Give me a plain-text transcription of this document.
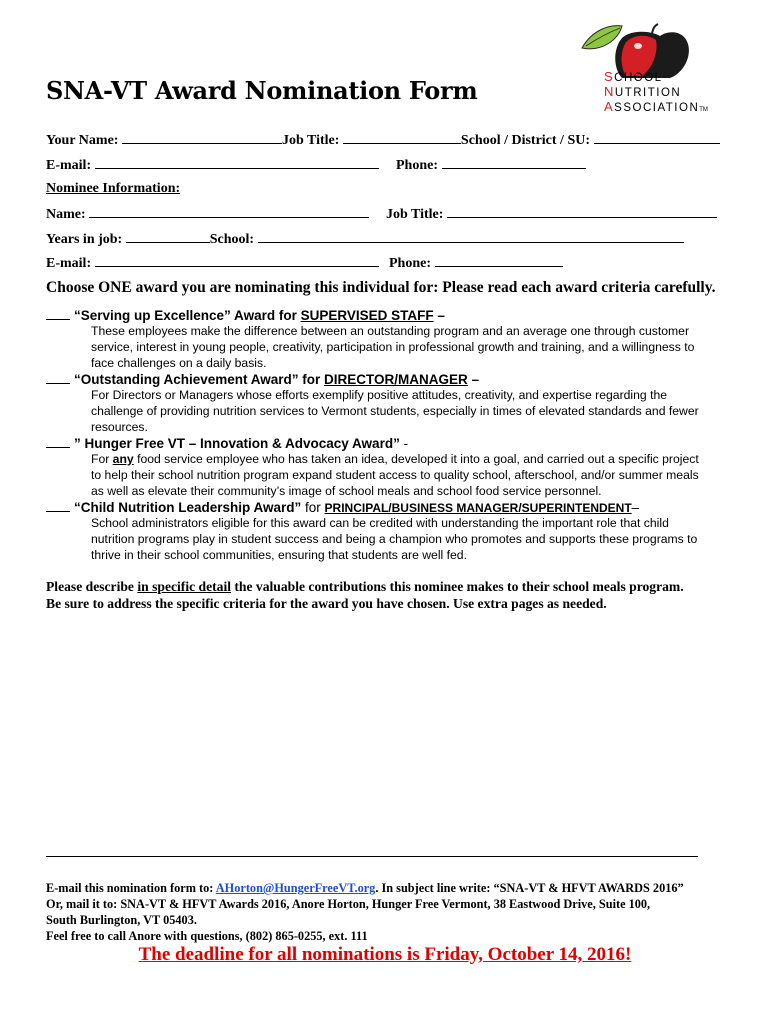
SCHOOL
NUTRITION
ASSOCIATIONTM
SNA-VT Award Nomination Form
Your Name:	Job Title:	School / District / SU:
E-mail:	Phone:
Nominee Information:
Name:	Job Title:
Years in job:	School:
E-mail:	Phone:
Choose ONE award you are nominating this individual for: Please read each award criteria carefully.
“Serving up Excellence” Award for SUPERVISED STAFF –
These employees make the difference between an outstanding program and an average one through customer
service, interest in young people, creativity, participation in professional growth and training, and a willingness to
face challenges on a daily basis.
“Outstanding Achievement Award” for DIRECTOR/MANAGER –
For Directors or Managers whose efforts exemplify positive attitudes, creativity, and expertise regarding the
challenge of providing nutrition services to Vermont students, especially in times of elevated standards and fewer
resources.
” Hunger Free VT – Innovation & Advocacy Award” -
For any food service employee who has taken an idea, developed it into a goal, and carried out a specific project
to help their school nutrition program expand student access to quality school, afterschool, and/or summer meals
as well as elevate their community’s image of school meals and school food service personnel.
“Child Nutrition Leadership Award” for PRINCIPAL/BUSINESS MANAGER/SUPERINTENDENT–
School administrators eligible for this award can be credited with understanding the important role that child
nutrition programs play in student success and being a champion who promotes and supports these programs to
thrive in their school communities, ensuring that students are well fed.
Please describe in specific detail the valuable contributions this nominee makes to their school meals program.
Be sure to address the specific criteria for the award you have chosen. Use extra pages as needed.
E-mail this nomination form to: AHorton@HungerFreeVT.org. In subject line write: “SNA-VT & HFVT AWARDS 2016”
Or, mail it to: SNA-VT & HFVT Awards 2016, Anore Horton, Hunger Free Vermont, 38 Eastwood Drive, Suite 100,
South Burlington, VT 05403.
Feel free to call Anore with questions, (802) 865-0255, ext. 111
The deadline for all nominations is Friday, October 14, 2016!
